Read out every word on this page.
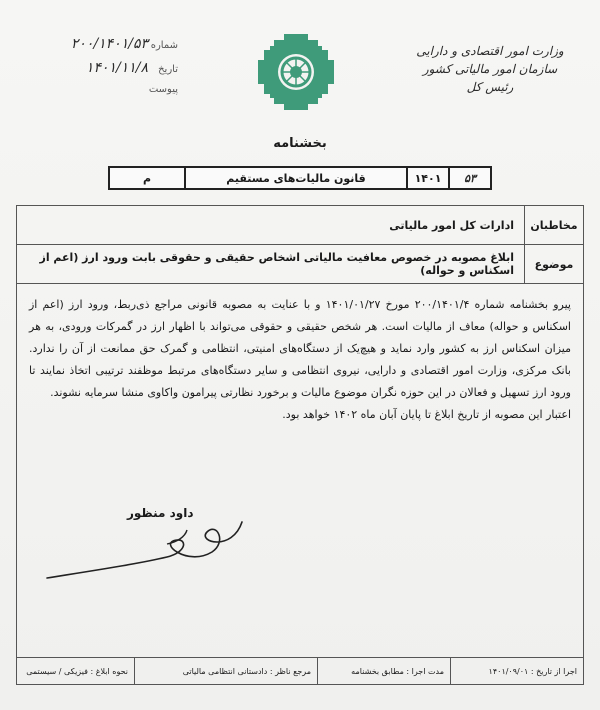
وزارت امور اقتصادی و دارایی
سازمان امور مالیاتی کشور
رئیس کل
شماره
۲۰۰/۱۴۰۱/۵۳
تاریخ
۱۴۰۱/۱۱/۸
پیوست
بخشنامه
۵۳
۱۴۰۱
قانون مالیات‌های مستقیم
م
مخاطبان
ادارات کل امور مالیاتی
موضوع
ابلاغ مصوبه در خصوص معافیت مالیاتی اشخاص حقیقی و حقوقی بابت ورود ارز (اعم از اسکناس و حواله)

پیرو بخشنامه شماره ۲۰۰/۱۴۰۱/۴ مورخ ۱۴۰۱/۰۱/۲۷ و با عنایت به مصوبه قانونی مراجع ذی‌ربط، ورود ارز (اعم از اسکناس و حواله) معاف از مالیات است. هر شخص حقیقی و حقوقی می‌تواند با اظهار ارز در گمرکات ورودی، به هر میزان اسکناس ارز به کشور وارد نماید و هیچ‌یک از دستگاه‌های امنیتی، انتظامی و گمرک حق ممانعت از آن را ندارد. بانک مرکزی، وزارت امور اقتصادی و دارایی، نیروی انتظامی و سایر دستگاه‌های مرتبط موظفند ترتیبی اتخاذ نمایند تا ورود ارز تسهیل و فعالان در این حوزه نگران موضوع مالیات و برخورد نظارتی پیرامون واکاوی منشا سرمایه نشوند.

اعتبار این مصوبه از تاریخ ابلاغ تا پایان آبان ماه ۱۴۰۲ خواهد بود.

داود منظور
اجرا از تاریخ : ۱۴۰۱/۰۹/۰۱
مدت اجرا : مطابق بخشنامه
مرجع ناظر : دادستانی انتظامی مالیاتی
نحوه ابلاغ : فیزیکی / سیستمی
